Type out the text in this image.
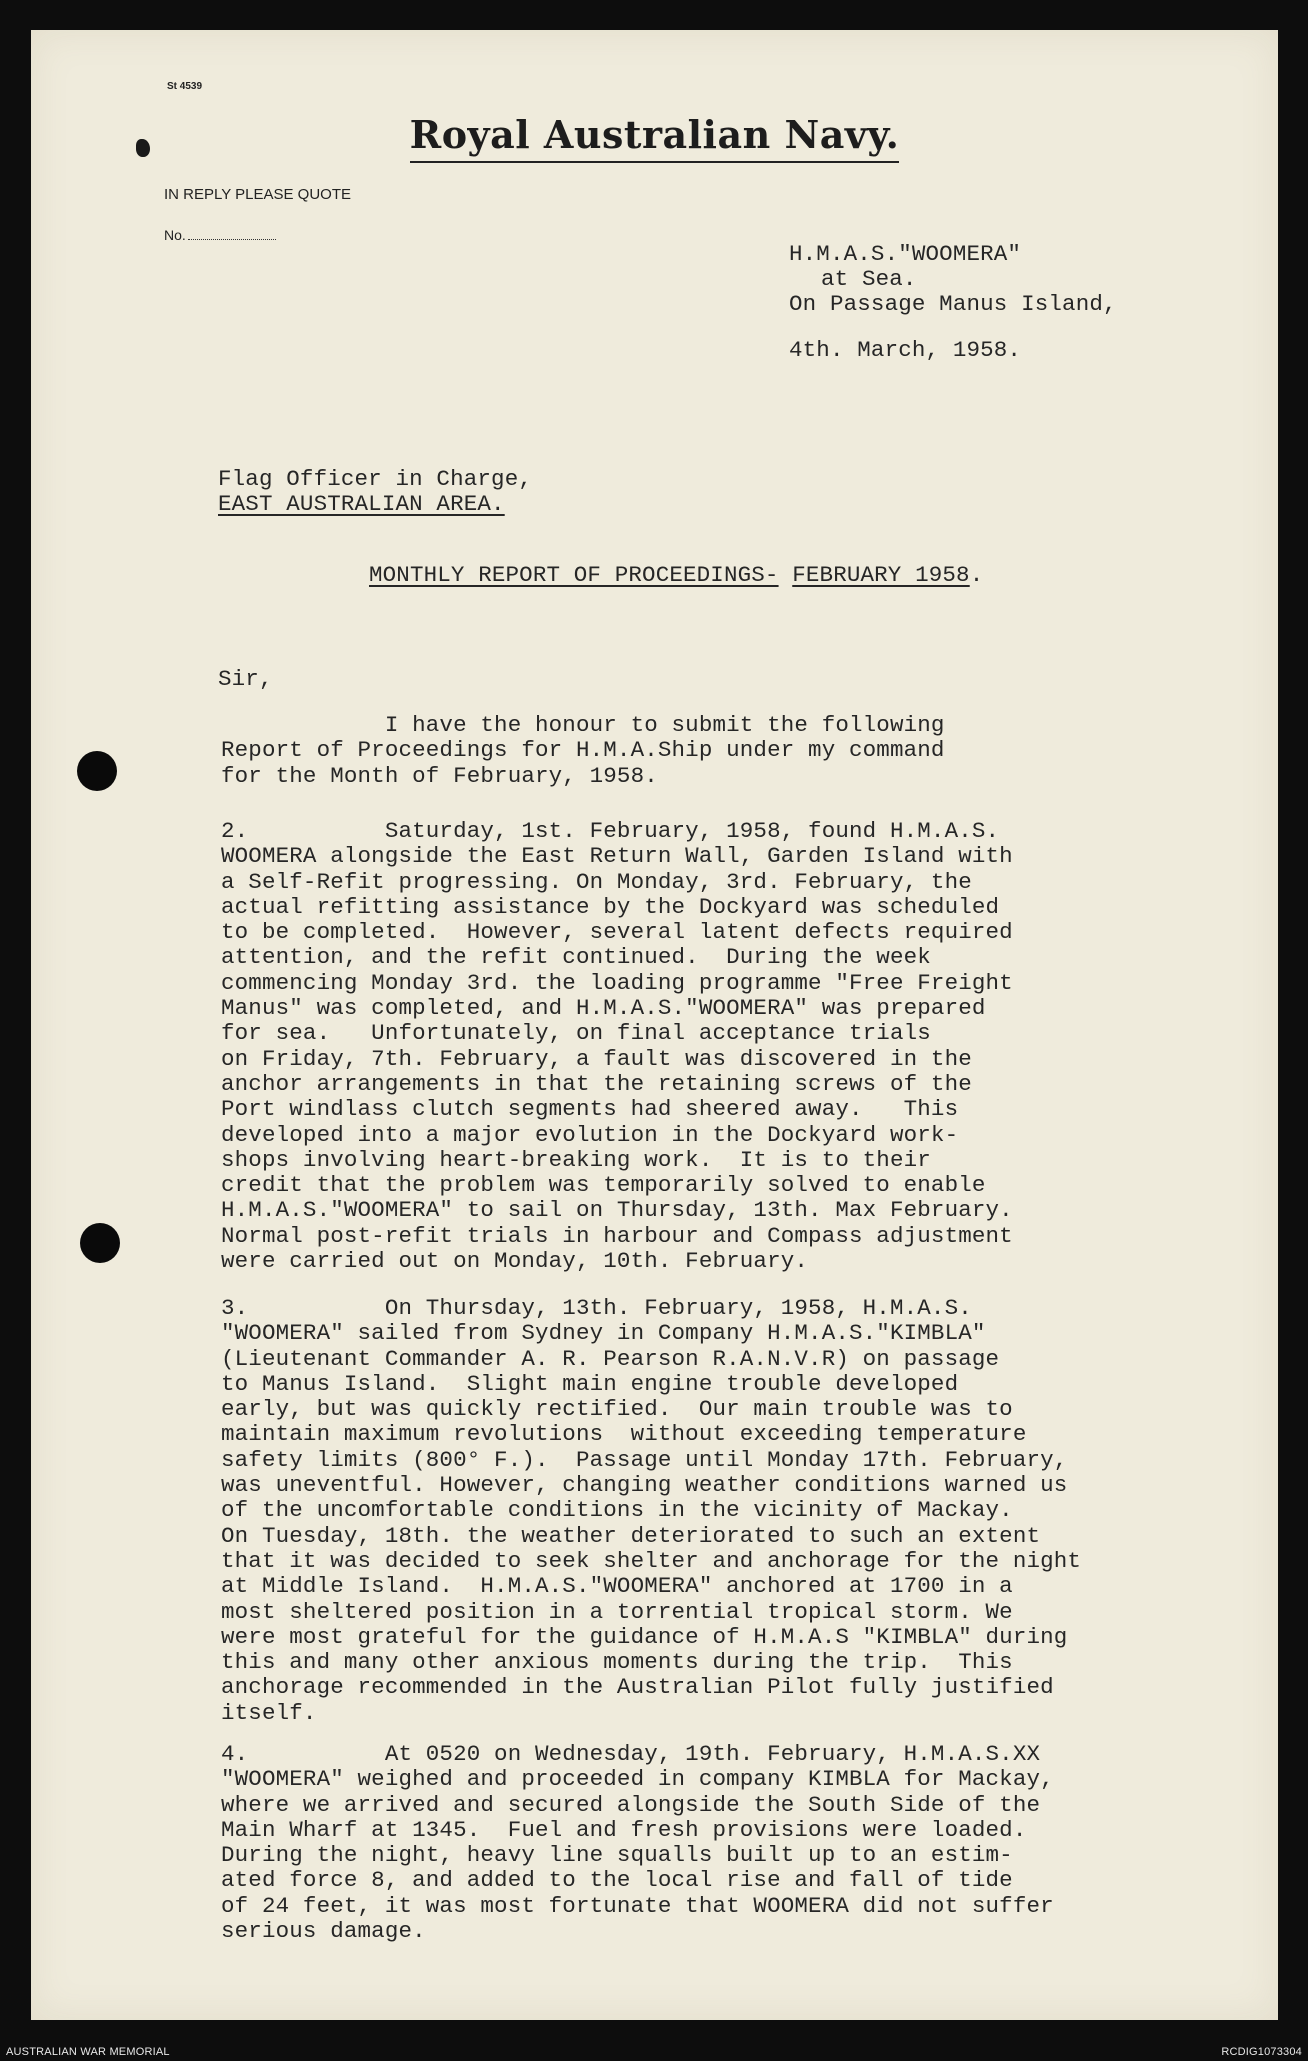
St 4539
Royal Australian Navy.
IN REPLY PLEASE QUOTE
No.
H.M.A.S."WOOMERA"
at Sea.
On Passage Manus Island,
4th. March, 1958.
Flag Officer in Charge,
EAST AUSTRALIAN AREA.
MONTHLY REPORT OF PROCEEDINGS- FEBRUARY 1958.
Sir,
I have the honour to submit the following
Report of Proceedings for H.M.A.Ship under my command
for the Month of February, 1958.
2.          Saturday, 1st. February, 1958, found H.M.A.S.
WOOMERA alongside the East Return Wall, Garden Island with
a Self-Refit progressing. On Monday, 3rd. February, the
actual refitting assistance by the Dockyard was scheduled
to be completed.  However, several latent defects required
attention, and the refit continued.  During the week
commencing Monday 3rd. the loading programme "Free Freight
Manus" was completed, and H.M.A.S."WOOMERA" was prepared
for sea.   Unfortunately, on final acceptance trials
on Friday, 7th. February, a fault was discovered in the
anchor arrangements in that the retaining screws of the
Port windlass clutch segments had sheered away.   This
developed into a major evolution in the Dockyard work-
shops involving heart-breaking work.  It is to their
credit that the problem was temporarily solved to enable
H.M.A.S."WOOMERA" to sail on Thursday, 13th. Max February.
Normal post-refit trials in harbour and Compass adjustment
were carried out on Monday, 10th. February.
3.          On Thursday, 13th. February, 1958, H.M.A.S.
"WOOMERA" sailed from Sydney in Company H.M.A.S."KIMBLA"
(Lieutenant Commander A. R. Pearson R.A.N.V.R) on passage
to Manus Island.  Slight main engine trouble developed
early, but was quickly rectified.  Our main trouble was to
maintain maximum revolutions  without exceeding temperature
safety limits (800° F.).  Passage until Monday 17th. February,
was uneventful. However, changing weather conditions warned us
of the uncomfortable conditions in the vicinity of Mackay.
On Tuesday, 18th. the weather deteriorated to such an extent
that it was decided to seek shelter and anchorage for the night
at Middle Island.  H.M.A.S."WOOMERA" anchored at 1700 in a
most sheltered position in a torrential tropical storm. We
were most grateful for the guidance of H.M.A.S "KIMBLA" during
this and many other anxious moments during the trip.  This
anchorage recommended in the Australian Pilot fully justified
itself.
4.          At 0520 on Wednesday, 19th. February, H.M.A.S.XX
"WOOMERA" weighed and proceeded in company KIMBLA for Mackay,
where we arrived and secured alongside the South Side of the
Main Wharf at 1345.  Fuel and fresh provisions were loaded.
During the night, heavy line squalls built up to an estim-
ated force 8, and added to the local rise and fall of tide
of 24 feet, it was most fortunate that WOOMERA did not suffer
serious damage.
AUSTRALIAN WAR MEMORIAL	RCDIG1073304
